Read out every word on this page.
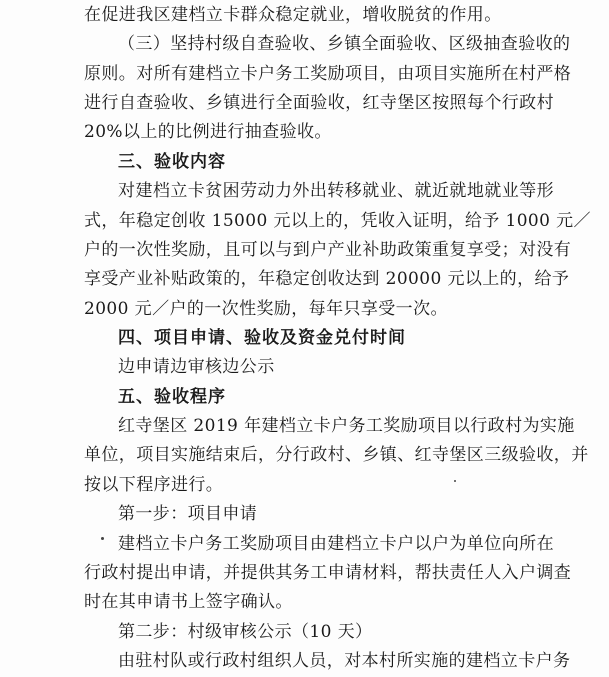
在促进我区建档立卡群众稳定就业，增收脱贫的作用。
（三）坚持村级自查验收、乡镇全面验收、区级抽查验收的
原则。对所有建档立卡户务工奖励项目，由项目实施所在村严格
进行自查验收、乡镇进行全面验收，红寺堡区按照每个行政村
20%以上的比例进行抽查验收。
三、验收内容
对建档立卡贫困劳动力外出转移就业、就近就地就业等形
式，年稳定创收 15000 元以上的，凭收入证明，给予 1000 元／
户的一次性奖励，且可以与到户产业补助政策重复享受；对没有
享受产业补贴政策的，年稳定创收达到 20000 元以上的，给予
2000 元／户的一次性奖励，每年只享受一次。
四、项目申请、验收及资金兑付时间
边申请边审核边公示
五、验收程序
红寺堡区 2019 年建档立卡户务工奖励项目以行政村为实施
单位，项目实施结束后，分行政村、乡镇、红寺堡区三级验收，并
按以下程序进行。
第一步：项目申请
建档立卡户务工奖励项目由建档立卡户以户为单位向所在
行政村提出申请，并提供其务工申请材料，帮扶责任人入户调查
时在其申请书上签字确认。
第二步：村级审核公示（10 天）
由驻村队或行政村组织人员，对本村所实施的建档立卡户务
